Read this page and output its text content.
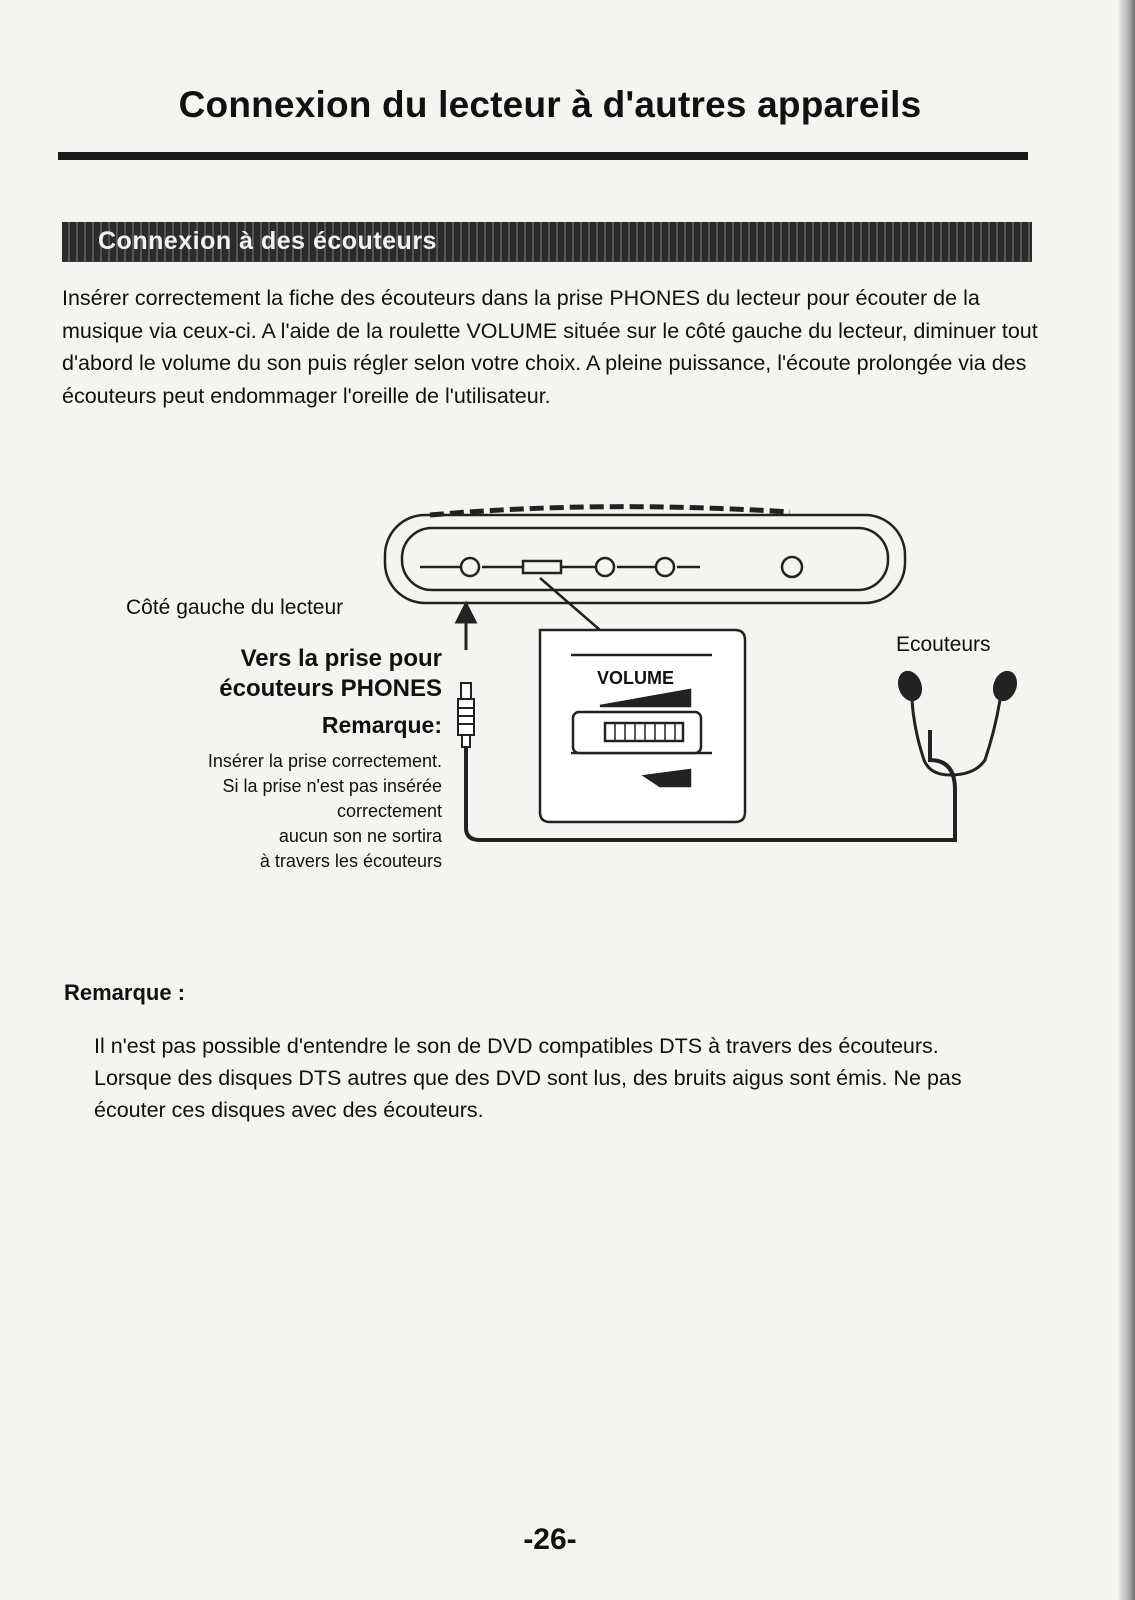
Connexion du lecteur à d'autres appareils
Connexion à des écouteurs

Insérer correctement la fiche des écouteurs dans la prise PHONES du lecteur pour écouter de la musique via ceux-ci. A l'aide de la roulette VOLUME située sur le côté gauche du lecteur, diminuer tout d'abord le volume du son puis régler selon votre choix. A pleine puissance, l'écoute prolongée via des écouteurs peut endommager l'oreille de l'utilisateur.

VOLUME
Côté gauche du lecteur
Vers la prise pour
écouteurs PHONES
Remarque:
Insérer la prise correctement.
Si la prise n'est pas insérée
correctement
aucun son ne sortira
à travers les écouteurs
Ecouteurs
Remarque :

Il n'est pas possible d'entendre le son de DVD compatibles DTS à travers des écouteurs.

Lorsque des disques DTS autres que des DVD sont lus, des bruits aigus sont émis. Ne pas écouter ces disques avec des écouteurs.

-26-
